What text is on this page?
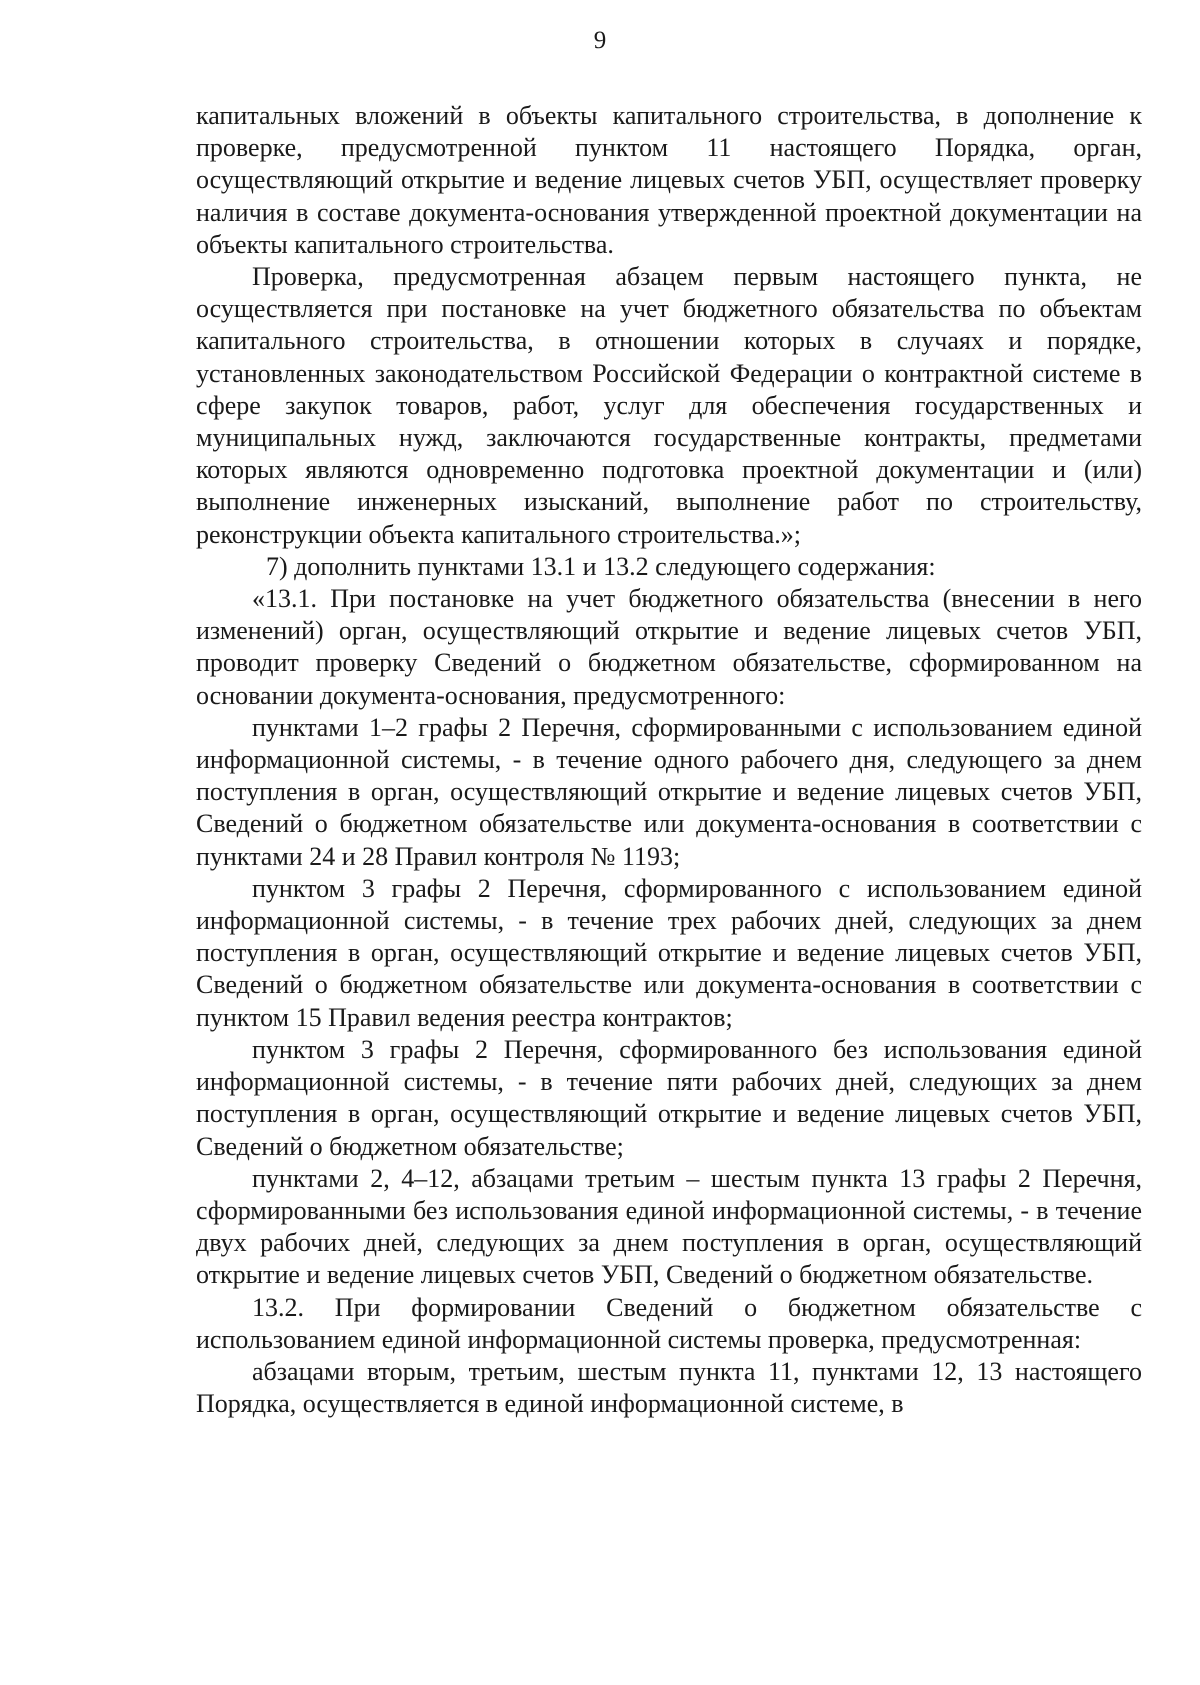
9

капитальных вложений в объекты капитального строительства, в дополнение к проверке, предусмотренной пунктом 11 настоящего Порядка, орган, осуществляющий открытие и ведение лицевых счетов УБП, осуществляет проверку наличия в составе документа-основания утвержденной проектной документации на объекты капитального строительства.

Проверка, предусмотренная абзацем первым настоящего пункта, не осуществляется при постановке на учет бюджетного обязательства по объектам капитального строительства, в отношении которых в случаях и порядке, установленных законодательством Российской Федерации о контрактной системе в сфере закупок товаров, работ, услуг для обеспечения государственных и муниципальных нужд, заключаются государственные контракты, предметами которых являются одновременно подготовка проектной документации и (или) выполнение инженерных изысканий, выполнение работ по строительству, реконструкции объекта капитального строительства.»;

7) дополнить пунктами 13.1 и 13.2 следующего содержания:

«13.1. При постановке на учет бюджетного обязательства (внесении в него изменений) орган, осуществляющий открытие и ведение лицевых счетов УБП, проводит проверку Сведений о бюджетном обязательстве, сформированном на основании документа-основания, предусмотренного:

пунктами 1–2 графы 2 Перечня, сформированными с использованием единой информационной системы, - в течение одного рабочего дня, следующего за днем поступления в орган, осуществляющий открытие и ведение лицевых счетов УБП, Сведений о бюджетном обязательстве или документа-основания в соответствии с пунктами 24 и 28 Правил контроля № 1193;

пунктом 3 графы 2 Перечня, сформированного с использованием единой информационной системы, - в течение трех рабочих дней, следующих за днем поступления в орган, осуществляющий открытие и ведение лицевых счетов УБП, Сведений о бюджетном обязательстве или документа-основания в соответствии с пунктом 15 Правил ведения реестра контрактов;

пунктом 3 графы 2 Перечня, сформированного без использования единой информационной системы, - в течение пяти рабочих дней, следующих за днем поступления в орган, осуществляющий открытие и ведение лицевых счетов УБП, Сведений о бюджетном обязательстве;

пунктами 2, 4–12, абзацами третьим – шестым пункта 13 графы 2 Перечня, сформированными без использования единой информационной системы, - в течение двух рабочих дней, следующих за днем поступления в орган, осуществляющий открытие и ведение лицевых счетов УБП, Сведений о бюджетном обязательстве.

13.2. При формировании Сведений о бюджетном обязательстве с использованием единой информационной системы проверка, предусмотренная:

абзацами вторым, третьим, шестым пункта 11, пунктами 12, 13 настоящего Порядка, осуществляется в единой информационной системе, в
